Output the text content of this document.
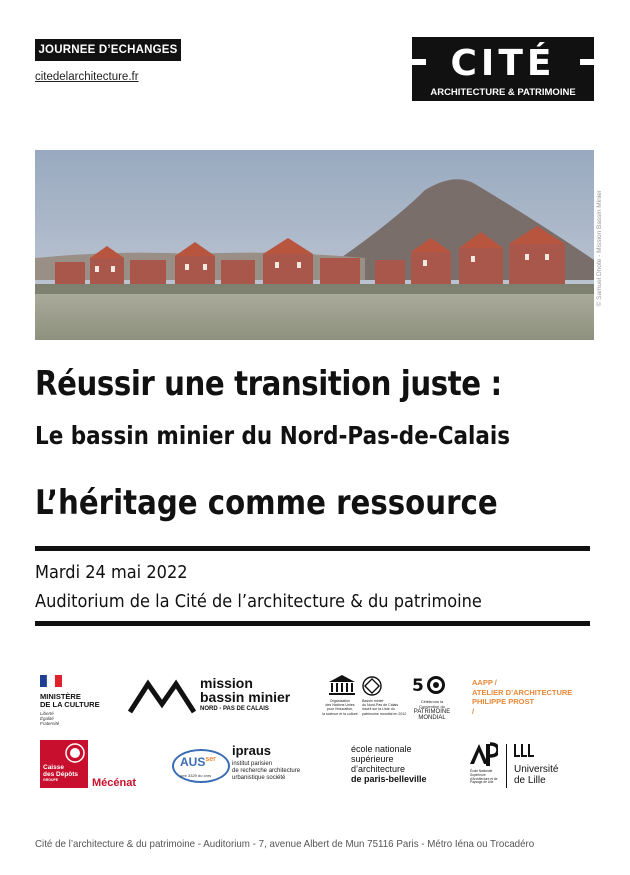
JOURNEE D’ECHANGES
citedelarchitecture.fr	CITÉ
ARCHITECTURE & PATRIMOINE
© Samuel Dhote - Mission Bassin Minier
Réussir une transition juste :
Le bassin minier du Nord-Pas-de-Calais
L’héritage comme ressource
Mardi 24 mai 2022
Auditorium de la Cité de l’architecture & du patrimoine
MINISTÈRE
DE LA CULTURE
Liberté
Égalité
Fraternité
mission
bassin minier
NORD - PAS DE CALAIS
Organisation
des Nations Unies
pour l'éducation,
la science et la culture
Bassin minier
du Nord-Pas de Calais
inscrit sur la Liste du
patrimoine mondial en 2012
5
Célébrons la
Convention du
PATRIMOINE
MONDIAL
AAPP /
ATELIER D’ARCHITECTURE
PHILIPPE PROST
/
Caisse
des Dépôts
GROUPE	Mécénat
$AUS^{ser}$
umr 3329 du cnrs
ipraus
institut parisien
de recherche architecture
urbanistique société
école nationale
supérieure
d’architecture
de paris-belleville
École Nationale
Supérieure
d'Architecture et de
Paysage de Lille
Université
de Lille
Cité de l’architecture & du patrimoine - Auditorium - 7, avenue Albert de Mun 75116 Paris - Métro Iéna ou Trocadéro
